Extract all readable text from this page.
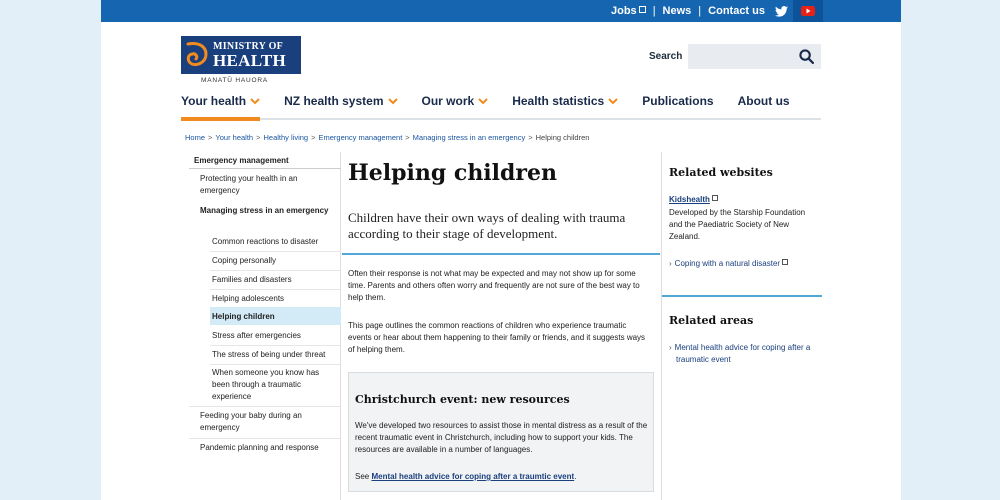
Jobs	| News | Contact us
MINISTRY OF
HEALTH
MANATŪ HAUORA
Search
Your health	NZ health system	Our work	Health statistics	Publications About us
Home > Your health > Healthy living > Emergency management > Managing stress in an emergency > Helping children
Emergency management
Protecting your health in an emergency
Managing stress in an emergency
Common reactions to disaster
Coping personally
Families and disasters
Helping adolescents
Helping children
Stress after emergencies
The stress of being under threat
When someone you know has been through a traumatic experience
Feeding your baby during an emergency
Pandemic planning and response
Helping children
Children have their own ways of dealing with trauma according to their stage of development.
Often their response is not what may be expected and may not show up for some time. Parents and others often worry and frequently are not sure of the best way to help them.
This page outlines the common reactions of children who experience traumatic events or hear about them happening to their family or friends, and it suggests ways of helping them.
Christchurch event: new resources
We've developed two resources to assist those in mental distress as a result of the recent traumatic event in Christchurch, including how to support your kids. The resources are available in a number of languages.
See Mental health advice for coping after a traumtic event.
Related websites
Kidshealth
Developed by the Starship Foundation and the Paediatric Society of New Zealand.
› Coping with a natural disaster
Related areas
› Mental health advice for coping after a traumatic event
